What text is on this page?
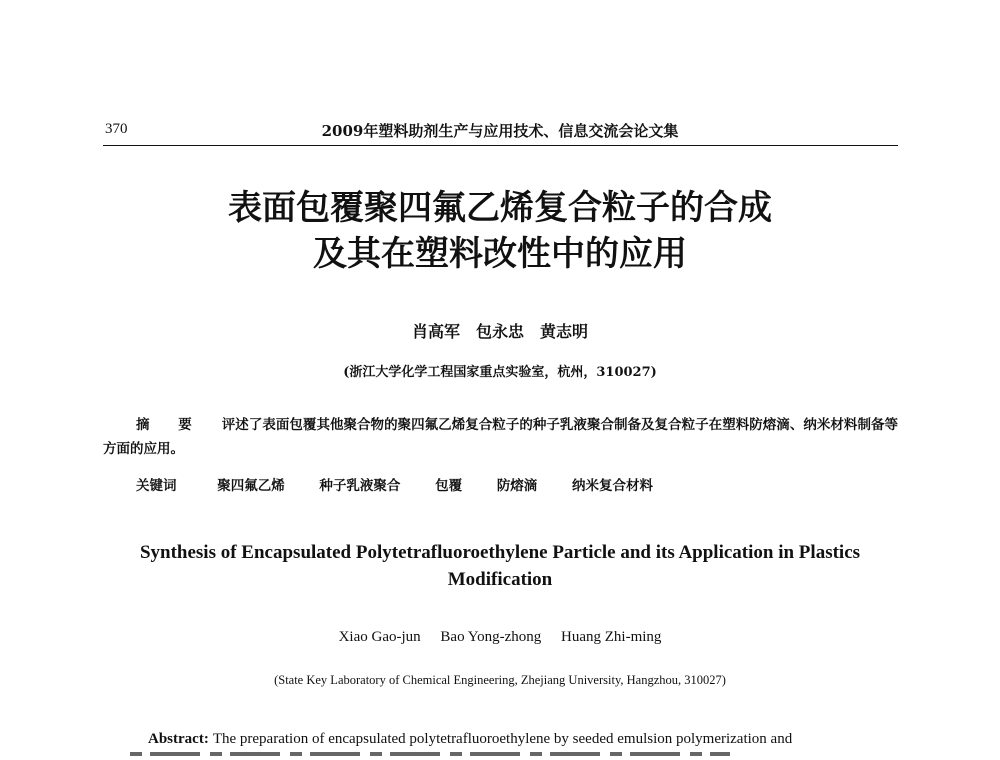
370	2009年塑料助剂生产与应用技术、信息交流会论文集
表面包覆聚四氟乙烯复合粒子的合成
及其在塑料改性中的应用
肖高军　包永忠　黄志明
(浙江大学化学工程国家重点实验室，杭州，310027)
摘 要 评述了表面包覆其他聚合物的聚四氟乙烯复合粒子的种子乳液聚合制备及复合粒子在塑料防熔滴、纳米材料制备等方面的应用。
关键词	聚四氟乙烯	种子乳液聚合	包覆	防熔滴	纳米复合材料
Synthesis of Encapsulated Polytetrafluoroethylene Particle and its Application in Plastics
Modification
Xiao Gao-jun Bao Yong-zhong Huang Zhi-ming
(State Key Laboratory of Chemical Engineering, Zhejiang University, Hangzhou, 310027)
Abstract: The preparation of encapsulated polytetrafluoroethylene by seeded emulsion polymerization and
